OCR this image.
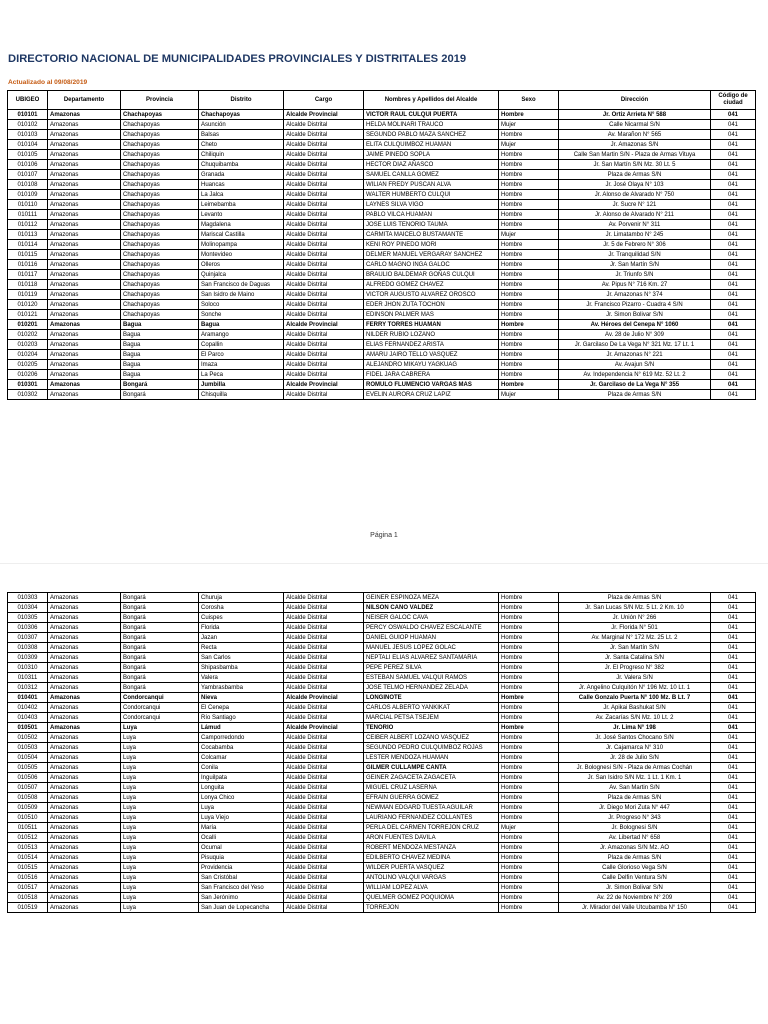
DIRECTORIO NACIONAL DE MUNICIPALIDADES PROVINCIALES Y DISTRITALES 2019
Actualizado al 09/08/2019
UBIGEO	Departamento	Provincia	Distrito	Cargo	Nombres y Apellidos del Alcalde	Sexo	Dirección	Código de ciudad
010101	Amazonas	Chachapoyas	Chachapoyas	Alcalde Provincial	VICTOR RAUL CULQUI PUERTA	Hombre	Jr. Ortiz Arrieta N° 588	041
010102	Amazonas	Chachapoyas	Asunción	Alcalde Distrital	HELDA MOLINARI TRAUCO	Mujer	Calle Nicarmal S/N	041
010103	Amazonas	Chachapoyas	Balsas	Alcalde Distrital	SEGUNDO PABLO MAZA SANCHEZ	Hombre	Av. Marañon N° 565	041
010104	Amazonas	Chachapoyas	Cheto	Alcalde Distrital	ELITA CULQUIMBOZ HUAMAN	Mujer	Jr. Amazonas S/N	041
010105	Amazonas	Chachapoyas	Chiliquin	Alcalde Distrital	JAIME PINEDO SOPLA	Hombre	Calle San Martin S/N - Plaza de Armas Vituya	041
010106	Amazonas	Chachapoyas	Chuquibamba	Alcalde Distrital	HECTOR DIAZ AÑASCO	Hombre	Jr. San Martín S/N Mz. 30 Lt. 5	041
010107	Amazonas	Chachapoyas	Granada	Alcalde Distrital	SAMUEL CANLLA GOMEZ	Hombre	Plaza de Armas S/N	041
010108	Amazonas	Chachapoyas	Huancas	Alcalde Distrital	WILIAN FREDY PUSCAN ALVA	Hombre	Jr. José Olaya N° 103	041
010109	Amazonas	Chachapoyas	La Jalca	Alcalde Distrital	WALTER HUMBERTO CULQUI	Hombre	Jr. Alonso de Alvarado N° 750	041
010110	Amazonas	Chachapoyas	Leimebamba	Alcalde Distrital	LAYNES SILVA VIGO	Hombre	Jr. Sucre N° 121	041
010111	Amazonas	Chachapoyas	Levanto	Alcalde Distrital	PABLO VILCA HUAMAN	Hombre	Jr. Alonso de Alvarado N° 211	041
010112	Amazonas	Chachapoyas	Magdalena	Alcalde Distrital	JOSE LUIS TENORIO TAUMA	Hombre	Av. Porvenir N° 311	041
010113	Amazonas	Chachapoyas	Mariscal Castilla	Alcalde Distrital	CARMITA MAICELO BUSTAMANTE	Mujer	Jr. Limatambo N° 245	041
010114	Amazonas	Chachapoyas	Molinopampa	Alcalde Distrital	KENI ROY PINEDO MORI	Hombre	Jr. 5 de Febrero N° 306	041
010115	Amazonas	Chachapoyas	Montevideo	Alcalde Distrital	DELMER MANUEL VERGARAY SANCHEZ	Hombre	Jr. Tranquilidad S/N	041
010116	Amazonas	Chachapoyas	Olleros	Alcalde Distrital	CARLO MAGNO INGA GALOC	Hombre	Jr. San Martín S/N	041
010117	Amazonas	Chachapoyas	Quinjalca	Alcalde Distrital	BRAULIO BALDEMAR GOÑAS CULQUI	Hombre	Jr. Triunfo S/N	041
010118	Amazonas	Chachapoyas	San Francisco de Daguas	Alcalde Distrital	ALFREDO GOMEZ CHAVEZ	Hombre	Av. Pipus N° 716 Km. 27	041
010119	Amazonas	Chachapoyas	San Isidro de Maino	Alcalde Distrital	VICTOR AUGUSTO ALVAREZ OROSCO	Hombre	Jr. Amazonas N° 374	041
010120	Amazonas	Chachapoyas	Soloco	Alcalde Distrital	EDER JHON ZUTA TOCHON	Hombre	Jr. Francisco Pizarro - Cuadra 4 S/N	041
010121	Amazonas	Chachapoyas	Sonche	Alcalde Distrital	EDINSON PALMER MAS	Hombre	Jr. Simon Bolivar S/N	041
010201	Amazonas	Bagua	Bagua	Alcalde Provincial	FERRY TORRES HUAMAN	Hombre	Av. Héroes del Cenepa N° 1060	041
010202	Amazonas	Bagua	Aramango	Alcalde Distrital	NILDER RUBIO LOZANO	Hombre	Av. 28 de Julio N° 309	041
010203	Amazonas	Bagua	Copallin	Alcalde Distrital	ELIAS FERNANDEZ ARISTA	Hombre	Jr. Garcilaso De La Vega N° 321 Mz. 17 Lt. 1	041
010204	Amazonas	Bagua	El Parco	Alcalde Distrital	AMARU JAIRO TELLO VASQUEZ	Hombre	Jr. Amazonas N° 221	041
010205	Amazonas	Bagua	Imaza	Alcalde Distrital	ALEJANDRO MIKAYU YAGKUAG	Hombre	Av. Avajun S/N	041
010206	Amazonas	Bagua	La Peca	Alcalde Distrital	FIDEL JARA CABRERA	Hombre	Av. Independencia N° 619 Mz. 52 Lt. 2	041
010301	Amazonas	Bongará	Jumbilla	Alcalde Provincial	ROMULO FLUMENCIO VARGAS MAS	Hombre	Jr. Garcilaso de La Vega N° 355	041
010302	Amazonas	Bongará	Chisquilla	Alcalde Distrital	EVELIN AURORA CRUZ LAPIZ	Mujer	Plaza de Armas S/N	041
Página 1
010303	Amazonas	Bongará	Churuja	Alcalde Distrital	GEINER ESPINOZA MEZA	Hombre	Plaza de Armas S/N	041
010304	Amazonas	Bongará	Corosha	Alcalde Distrital	NILSON CANO VALDEZ	Hombre	Jr. San Lucas S/N Mz. 5 Lt. 2 Km. 10	041
010305	Amazonas	Bongará	Cuispes	Alcalde Distrital	NEISER GALOC CAVA	Hombre	Jr. Unión N° 266	041
010306	Amazonas	Bongará	Florida	Alcalde Distrital	PERCY OSWALDO CHAVEZ ESCALANTE	Hombre	Jr. Florida N° 501	041
010307	Amazonas	Bongará	Jazan	Alcalde Distrital	DANIEL GUIOP HUAMAN	Hombre	Av. Marginal N° 172 Mz. 25 Lt. 2	041
010308	Amazonas	Bongará	Recta	Alcalde Distrital	MANUEL JESUS LOPEZ GOLAC	Hombre	Jr. San Martín S/N	041
010309	Amazonas	Bongará	San Carlos	Alcalde Distrital	NEPTALI ELIAS ALVAREZ SANTAMARIA	Hombre	Jr. Santa Catalina S/N	041
010310	Amazonas	Bongará	Shipasbamba	Alcalde Distrital	PEPE PEREZ SILVA	Hombre	Jr. El Progreso N° 382	041
010311	Amazonas	Bongará	Valera	Alcalde Distrital	ESTEBAN SAMUEL VALQUI RAMOS	Hombre	Jr. Valera S/N	041
010312	Amazonas	Bongará	Yambrasbamba	Alcalde Distrital	JOSE TELMO HERNANDEZ ZELADA	Hombre	Jr. Angelino Culquitón N° 196 Mz. 10 Lt. 1	041
010401	Amazonas	Condorcanqui	Nieva	Alcalde Provincial	LONGINOTE	Hombre	Calle Gonzalo Puerta N° 100 Mz. B Lt. 7	041
010402	Amazonas	Condorcanqui	El Cenepa	Alcalde Distrital	CARLOS ALBERTO YANKIKAT	Hombre	Jr. Apikai Bashukat S/N	041
010403	Amazonas	Condorcanqui	Río Santiago	Alcalde Distrital	MARCIAL PETSA TSEJEM	Hombre	Av. Zacarías S/N Mz. 10 Lt. 2	041
010501	Amazonas	Luya	Lámud	Alcalde Provincial	TENORIO	Hombre	Jr. Lima N° 198	041
010502	Amazonas	Luya	Camporredondo	Alcalde Distrital	CEIBER ALBERT LOZANO VASQUEZ	Hombre	Jr. José Santos Chocano S/N	041
010503	Amazonas	Luya	Cocabamba	Alcalde Distrital	SEGUNDO PEDRO CULQUIMBOZ ROJAS	Hombre	Jr. Cajamarca N° 310	041
010504	Amazonas	Luya	Colcamar	Alcalde Distrital	LESTER MENDOZA HUAMAN	Hombre	Jr. 28 de Julio S/N	041
010505	Amazonas	Luya	Conila	Alcalde Distrital	GILMER CULLAMPE CANTA	Hombre	Jr. Bolognesi S/N - Plaza de Armas Cochán	041
010506	Amazonas	Luya	Inguilpata	Alcalde Distrital	GEINER ZAGACETA ZAGACETA	Hombre	Jr. San Isidro S/N Mz. 1 Lt. 1 Km. 1	041
010507	Amazonas	Luya	Longuita	Alcalde Distrital	MIGUEL CRUZ LASERNA	Hombre	Av. San Martin S/N	041
010508	Amazonas	Luya	Lonya Chico	Alcalde Distrital	EFRAIN GUERRA GOMEZ	Hombre	Plaza de Armas S/N	041
010509	Amazonas	Luya	Luya	Alcalde Distrital	NEWMAN EDGARD TUESTA AGUILAR	Hombre	Jr. Diego Mori Zuta N° 447	041
010510	Amazonas	Luya	Luya Viejo	Alcalde Distrital	LAURIANO FERNANDEZ COLLANTES	Hombre	Jr. Progreso N° 343	041
010511	Amazonas	Luya	María	Alcalde Distrital	PERLA DEL CARMEN TORREJON CRUZ	Mujer	Jr. Bolognesi S/N	041
010512	Amazonas	Luya	Ocalli	Alcalde Distrital	ARON FUENTES DAVILA	Hombre	Av. Libertad N° 658	041
010513	Amazonas	Luya	Ocumal	Alcalde Distrital	ROBERT MENDOZA MESTANZA	Hombre	Jr. Amazonas S/N Mz. AO	041
010514	Amazonas	Luya	Pisuquia	Alcalde Distrital	EDILBERTO CHAVEZ MEDINA	Hombre	Plaza de Armas S/N	041
010515	Amazonas	Luya	Providencia	Alcalde Distrital	WILDER PUERTA VASQUEZ	Hombre	Calle Glorioso Vega S/N	041
010516	Amazonas	Luya	San Cristóbal	Alcalde Distrital	ANTOLINO VALQUI VARGAS	Hombre	Calle Delfin Ventura S/N	041
010517	Amazonas	Luya	San Francisco del Yeso	Alcalde Distrital	WILLIAM LOPEZ ALVA	Hombre	Jr. Simon Bolivar S/N	041
010518	Amazonas	Luya	San Jerónimo	Alcalde Distrital	QUELMER GOMEZ POQUIOMA	Hombre	Av. 22 de Noviembre N° 209	041
010519	Amazonas	Luya	San Juan de Lopecancha	Alcalde Distrital	TORREJON	Hombre	Jr. Mirador del Valle Utcubamba N° 150	041
